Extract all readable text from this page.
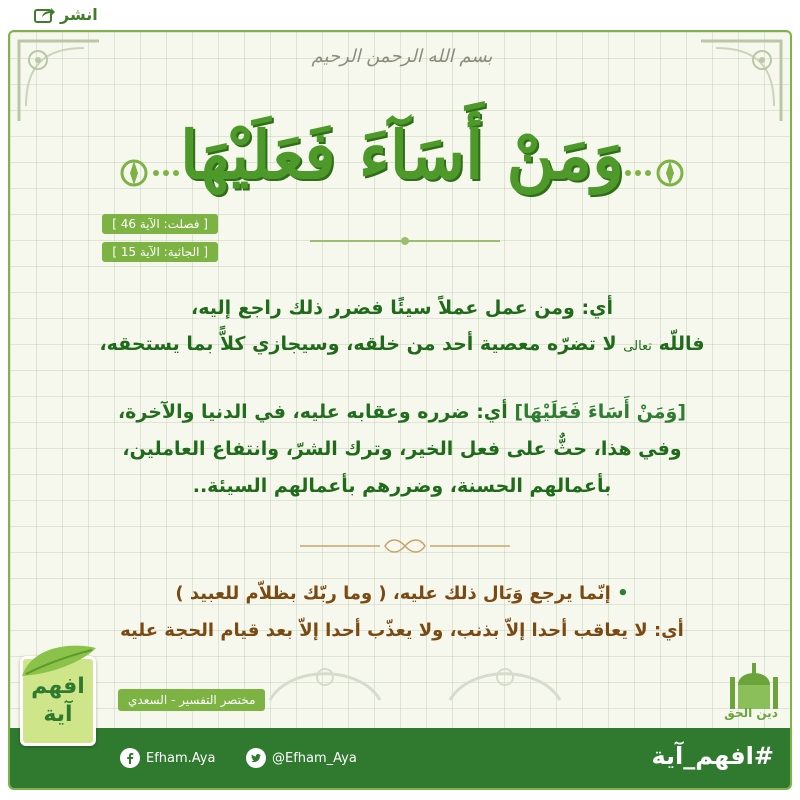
انشر
بسم الله الرحمن الرحيم
وَمَنْ أَسَآءَ فَعَلَيْهَا
[ فصلت: الآية 46 ]
[ الجاثية: الآية 15 ]
أي: ومن عمل عملاً سيئًا فضرر ذلك راجع إليه،
فاللّه تعالى لا تضرّه معصية أحد من خلقه، وسيجازي كلاًّ بما يستحقه،
[وَمَنْ أَسَاءَ فَعَلَيْهَا] أي: ضرره وعقابه عليه، في الدنيا والآخرة،
وفي هذا، حثٌّ على فعل الخير، وترك الشرّ، وانتفاع العاملين،
بأعمالهم الحسنة، وضررهم بأعمالهم السيئة..
• إنّما يرجع وَبَال ذلك عليه، ( وما ربّك بظلاّم للعبيد )
أي: لا يعاقب أحدا إلاّ بذنب، ولا يعذّب أحدا إلاّ بعد قيام الحجة عليه
دين الحق
مختصر التفسير - السعدي
Efham.Aya	@Efham_Aya	#افهم_آية
افهم
آية
